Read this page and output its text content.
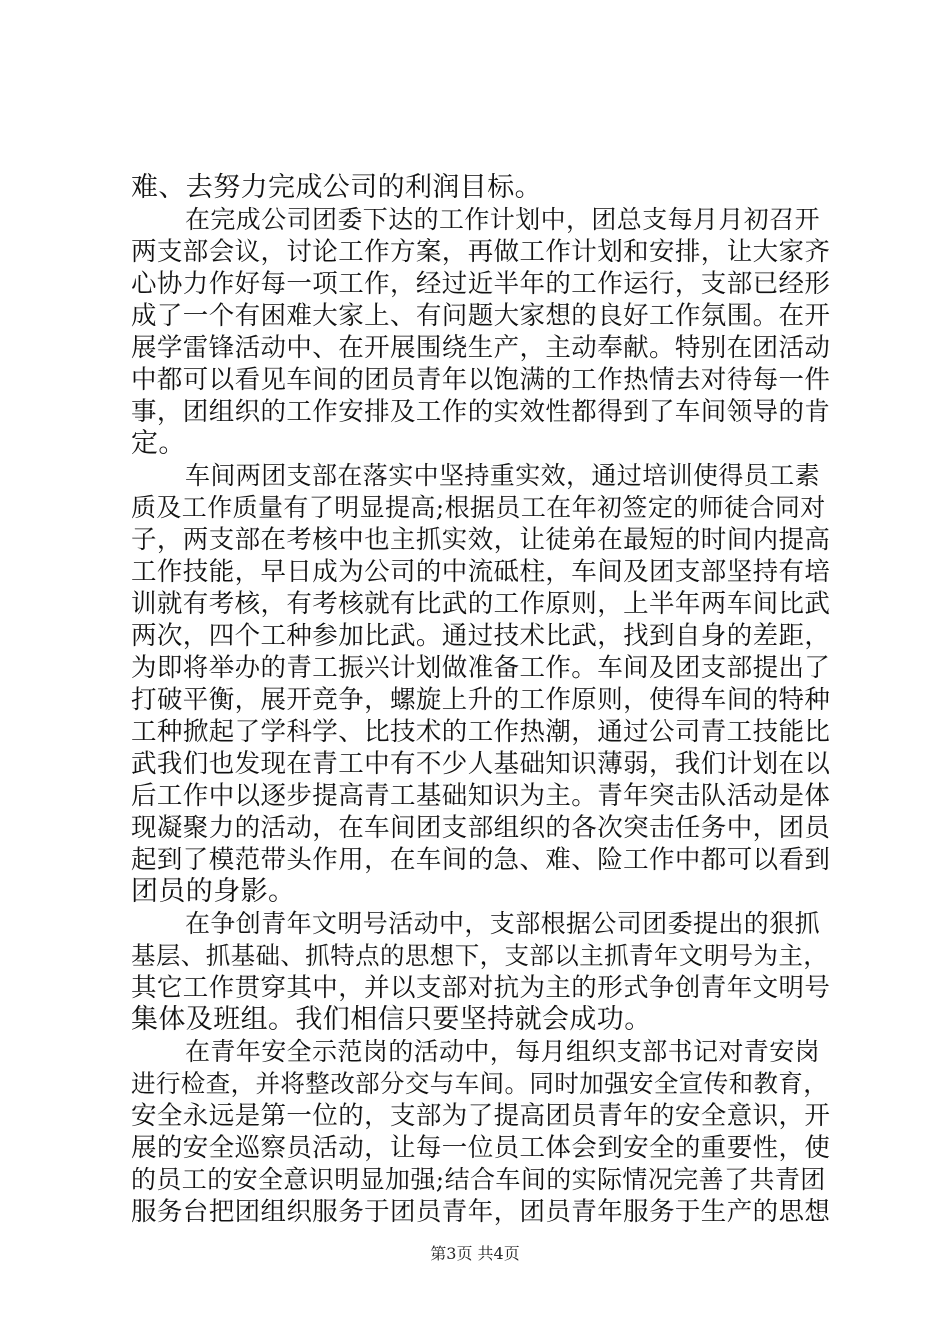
难、去努力完成公司的利润目标。
在完成公司团委下达的工作计划中，团总支每月月初召开
两支部会议，讨论工作方案，再做工作计划和安排，让大家齐
心协力作好每一项工作，经过近半年的工作运行，支部已经形
成了一个有困难大家上、有问题大家想的良好工作氛围。在开
展学雷锋活动中、在开展围绕生产，主动奉献。特别在团活动
中都可以看见车间的团员青年以饱满的工作热情去对待每一件
事，团组织的工作安排及工作的实效性都得到了车间领导的肯
定。
车间两团支部在落实中坚持重实效，通过培训使得员工素
质及工作质量有了明显提高;根据员工在年初签定的师徒合同对
子，两支部在考核中也主抓实效，让徒弟在最短的时间内提高
工作技能，早日成为公司的中流砥柱，车间及团支部坚持有培
训就有考核，有考核就有比武的工作原则，上半年两车间比武
两次，四个工种参加比武。通过技术比武，找到自身的差距，
为即将举办的青工振兴计划做准备工作。车间及团支部提出了
打破平衡，展开竞争，螺旋上升的工作原则，使得车间的特种
工种掀起了学科学、比技术的工作热潮，通过公司青工技能比
武我们也发现在青工中有不少人基础知识薄弱，我们计划在以
后工作中以逐步提高青工基础知识为主。青年突击队活动是体
现凝聚力的活动，在车间团支部组织的各次突击任务中，团员
起到了模范带头作用，在车间的急、难、险工作中都可以看到
团员的身影。
在争创青年文明号活动中，支部根据公司团委提出的狠抓
基层、抓基础、抓特点的思想下，支部以主抓青年文明号为主，
其它工作贯穿其中，并以支部对抗为主的形式争创青年文明号
集体及班组。我们相信只要坚持就会成功。
在青年安全示范岗的活动中，每月组织支部书记对青安岗
进行检查，并将整改部分交与车间。同时加强安全宣传和教育，
安全永远是第一位的，支部为了提高团员青年的安全意识，开
展的安全巡察员活动，让每一位员工体会到安全的重要性，使
的员工的安全意识明显加强;结合车间的实际情况完善了共青团
服务台把团组织服务于团员青年，团员青年服务于生产的思想
第3页 共4页
